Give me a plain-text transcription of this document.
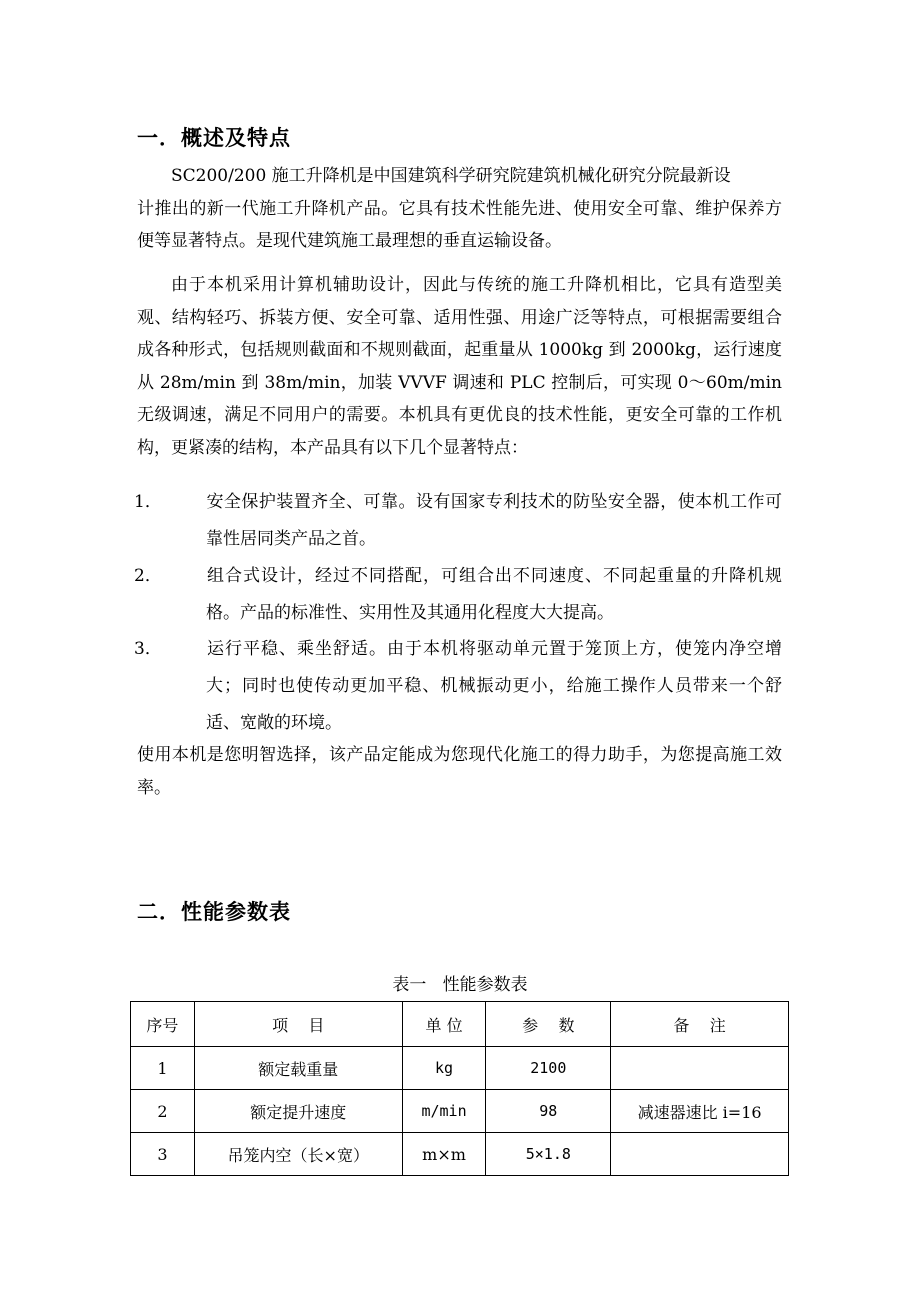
一．概述及特点
SC200/200 施工升降机是中国建筑科学研究院建筑机械化研究分院最新设
计推出的新一代施工升降机产品。它具有技术性能先进、使用安全可靠、维护保养方便等显著特点。是现代建筑施工最理想的垂直运输设备。
由于本机采用计算机辅助设计，因此与传统的施工升降机相比，它具有造型美观、结构轻巧、拆装方便、安全可靠、适用性强、用途广泛等特点，可根据需要组合成各种形式，包括规则截面和不规则截面，起重量从 1000kg 到 2000kg，运行速度从 28m/min 到 38m/min，加装 VVVF 调速和 PLC 控制后，可实现 0～60m/min 无级调速，满足不同用户的需要。本机具有更优良的技术性能，更安全可靠的工作机构，更紧凑的结构，本产品具有以下几个显著特点：
1．	安全保护装置齐全、可靠。设有国家专利技术的防坠安全器，使本机工作可靠性居同类产品之首。
2．	组合式设计，经过不同搭配，可组合出不同速度、不同起重量的升降机规格。产品的标准性、实用性及其通用化程度大大提高。
3．	运行平稳、乘坐舒适。由于本机将驱动单元置于笼顶上方，使笼内净空增大；同时也使传动更加平稳、机械振动更小，给施工操作人员带来一个舒适、宽敞的环境。
使用本机是您明智选择，该产品定能成为您现代化施工的得力助手，为您提高施工效率。
二．性能参数表
表一   性能参数表
序号	项    目	单 位	参    数	备    注
1	额定载重量	kg	2100	
2	额定提升速度	m/min	98	减速器速比 i=16
3	吊笼内空（长×宽）	m×m	5×1.8	
